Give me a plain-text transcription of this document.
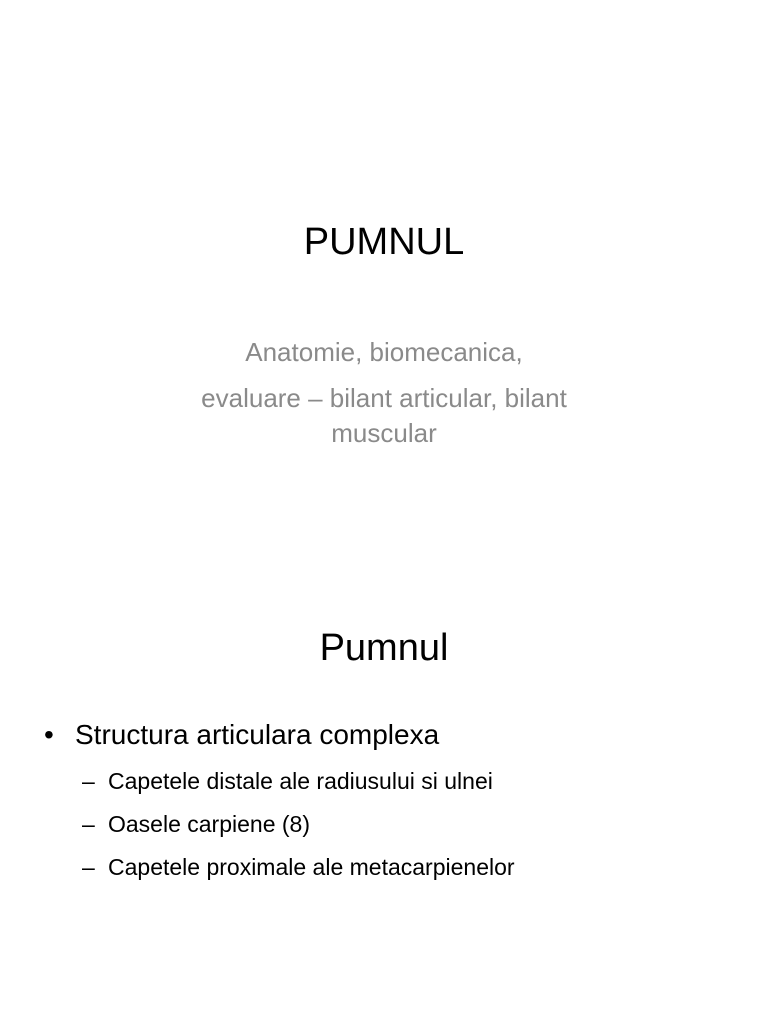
PUMNUL
Anatomie, biomecanica,
evaluare – bilant articular, bilant
muscular
Pumnul
• Structura articulara complexa
– Capetele distale ale radiusului si ulnei
– Oasele carpiene (8)
– Capetele proximale ale metacarpienelor
